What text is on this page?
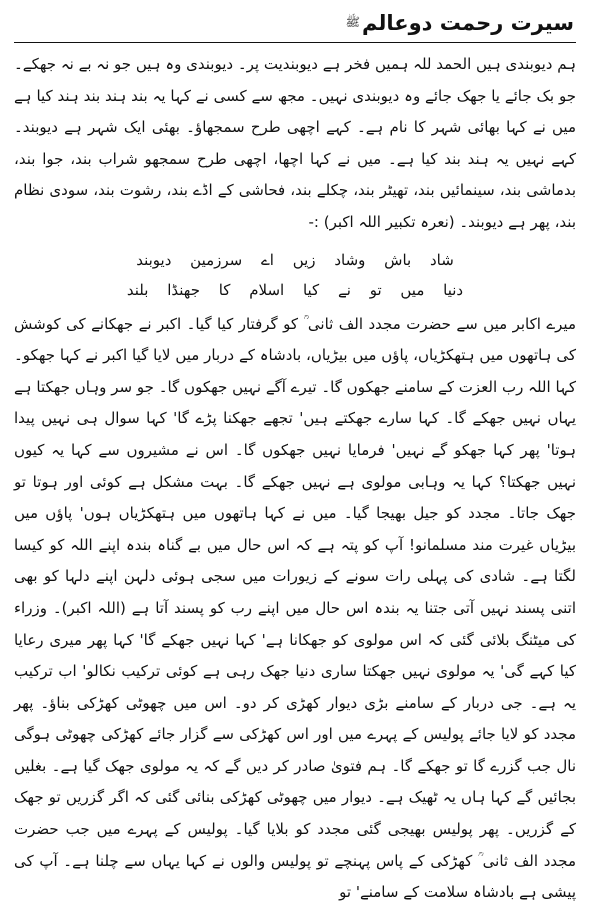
سیرت رحمت دوعالم
ﷺ

ہم دیوبندی ہیں الحمد للہ ہمیں فخر ہے دیوبندیت پر۔ دیوبندی وہ ہیں جو نہ بے نہ جھکے۔ جو بک جائے یا جھک جائے وہ دیوبندی نہیں۔ مجھ سے کسی نے کہا یہ بند ہند بند ہند کیا ہے میں نے کہا بھائی شہر کا نام ہے۔ کہے اچھی طرح سمجھاؤ۔ بھئی ایک شہر ہے دیوبند۔ کہے نہیں یہ ہند بند کیا ہے۔ میں نے کہا اچھا، اچھی طرح سمجھو شراب بند، جوا بند، بدماشی بند، سینمائیں بند، تھیٹر بند، چکلے بند، فحاشی کے اڈے بند، رشوت بند، سودی نظام بند، پھر ہے دیوبند۔ (نعرہ تکبیر اللہ اکبر) :-

شاد باش وشاد زیں اے سرزمین دیوبند
دنیا میں تو نے کیا اسلام کا جھنڈا بلند

میرے اکابر میں سے حضرت مجدد الف ثانی ؒ کو گرفتار کیا گیا۔ اکبر نے جھکانے کی کوشش کی ہاتھوں میں ہتھکڑیاں، پاؤں میں بیڑیاں، بادشاہ کے دربار میں لایا گیا اکبر نے کہا جھکو۔ کہا اللہ رب العزت کے سامنے جھکوں گا۔ تیرے آگے نہیں جھکوں گا۔ جو سر وہاں جھکتا ہے یہاں نہیں جھکے گا۔ کہا سارے جھکتے ہیں' تجھے جھکنا پڑے گا' کہا سوال ہی نہیں پیدا ہوتا' پھر کہا جھکو گے نہیں' فرمایا نہیں جھکوں گا۔ اس نے مشیروں سے کہا یہ کیوں نہیں جھکتا؟ کہا یہ وہابی مولوی ہے نہیں جھکے گا۔ بہت مشکل ہے کوئی اور ہوتا تو جھک جاتا۔ مجدد کو جیل بھیجا گیا۔ میں نے کہا ہاتھوں میں ہتھکڑیاں ہوں' پاؤں میں بیڑیاں غیرت مند مسلمانو! آپ کو پتہ ہے کہ اس حال میں بے گناہ بندہ اپنے اللہ کو کیسا لگتا ہے۔ شادی کی پہلی رات سونے کے زیورات میں سجی ہوئی دلہن اپنے دلہا کو بھی اتنی پسند نہیں آتی جتنا یہ بندہ اس حال میں اپنے رب کو پسند آتا ہے (اللہ اکبر)۔ وزراء کی میٹنگ بلائی گئی کہ اس مولوی کو جھکانا ہے' کہا نہیں جھکے گا' کہا پھر میری رعایا کیا کہے گی' یہ مولوی نہیں جھکتا ساری دنیا جھک رہی ہے کوئی ترکیب نکالو' اب ترکیب یہ ہے۔ جی دربار کے سامنے بڑی دیوار کھڑی کر دو۔ اس میں چھوٹی کھڑکی بناؤ۔ پھر مجدد کو لایا جائے پولیس کے پہرے میں اور اس کھڑکی سے گزار جائے کھڑکی چھوٹی ہوگی نال جب گزرے گا تو جھکے گا۔ ہم فتویٰ صادر کر دیں گے کہ یہ مولوی جھک گیا ہے۔ بغلیں بجائیں گے کہا ہاں یہ ٹھیک ہے۔ دیوار میں چھوٹی کھڑکی بنائی گئی کہ اگر گزریں تو جھک کے گزریں۔ پھر پولیس بھیجی گئی مجدد کو بلایا گیا۔ پولیس کے پہرے میں جب حضرت مجدد الف ثانی ؒ کھڑکی کے پاس پہنچے تو پولیس والوں نے کہا یہاں سے چلنا ہے۔ آپ کی پیشی ہے بادشاہ سلامت کے سامنے' تو
